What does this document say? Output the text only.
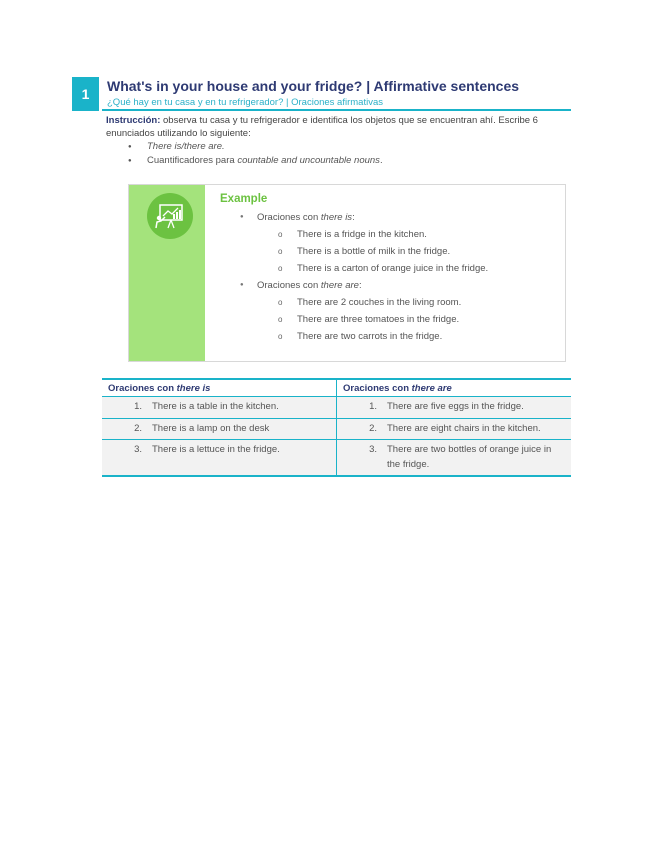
1	What's in your house and your fridge? | Affirmative sentences
¿Qué hay en tu casa y en tu refrigerador? | Oraciones afirmativas
Instrucción: observa tu casa y tu refrigerador e identifica los objetos que se encuentran ahí. Escribe 6 enunciados utilizando lo siguiente:
● There is/there are.
● Cuantificadores para countable and uncountable nouns.
Example
● Oraciones con there is:
o There is a fridge in the kitchen.
o There is a bottle of milk in the fridge.
o There is a carton of orange juice in the fridge.
● Oraciones con there are:
o There are 2 couches in the living room.
o There are three tomatoes in the fridge.
o There are two carrots in the fridge.
Oraciones con there is	Oraciones con there are

1. There is a table in the kitchen.	1. There are five eggs in the fridge.

2. There is a lamp on the desk	2. There are eight chairs in the kitchen.

3. There is a lettuce in the fridge.	3. There are two bottles of orange juice in the fridge.
